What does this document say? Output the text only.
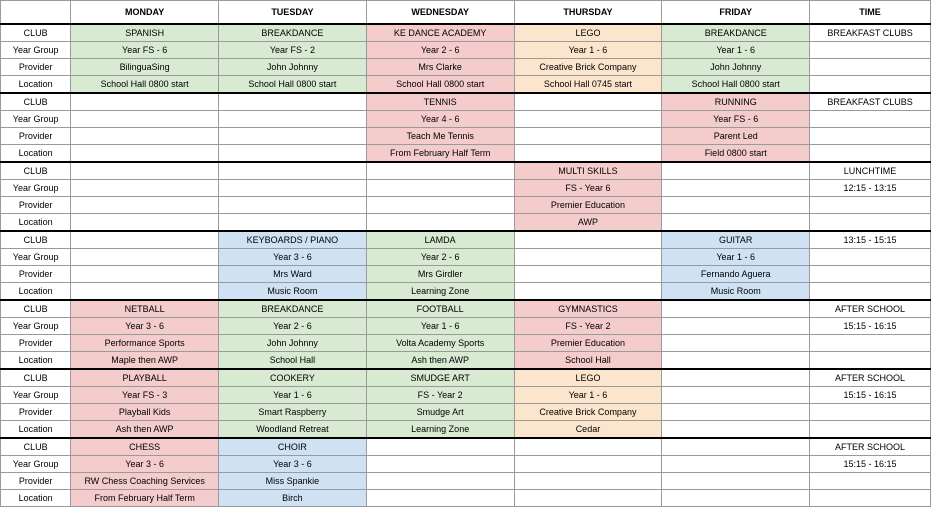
	MONDAY	TUESDAY	WEDNESDAY	THURSDAY	FRIDAY	TIME
CLUB	SPANISH	BREAKDANCE	KE DANCE ACADEMY	LEGO	BREAKDANCE	BREAKFAST CLUBS
Year Group	Year FS - 6	Year FS - 2	Year 2 - 6	Year 1 - 6	Year 1 - 6	
Provider	BilinguaSing	John Johnny	Mrs Clarke	Creative Brick Company	John Johnny	
Location	School Hall 0800 start	School Hall 0800 start	School Hall 0800 start	School Hall 0745 start	School Hall 0800 start	
CLUB			TENNIS		RUNNING	BREAKFAST CLUBS
Year Group			Year 4 - 6		Year FS - 6	
Provider			Teach Me Tennis		Parent Led	
Location			From February Half Term		Field 0800 start	
CLUB				MULTI SKILLS		LUNCHTIME
Year Group				FS - Year 6		12:15 - 13:15
Provider				Premier Education		
Location				AWP		
CLUB		KEYBOARDS / PIANO	LAMDA		GUITAR	13:15 - 15:15
Year Group		Year 3 - 6	Year 2 - 6		Year 1 - 6	
Provider		Mrs Ward	Mrs Girdler		Fernando Aguera	
Location		Music Room	Learning Zone		Music Room	
CLUB	NETBALL	BREAKDANCE	FOOTBALL	GYMNASTICS		AFTER SCHOOL
Year Group	Year 3 - 6	Year 2 - 6	Year 1 - 6	FS - Year 2		15:15 - 16:15
Provider	Performance Sports	John Johnny	Volta Academy Sports	Premier Education		
Location	Maple then AWP	School Hall	Ash then AWP	School Hall		
CLUB	PLAYBALL	COOKERY	SMUDGE ART	LEGO		AFTER SCHOOL
Year Group	Year FS - 3	Year 1 - 6	FS - Year 2	Year 1 - 6		15:15 - 16:15
Provider	Playball Kids	Smart Raspberry	Smudge Art	Creative Brick Company		
Location	Ash then AWP	Woodland Retreat	Learning Zone	Cedar		
CLUB	CHESS	CHOIR				AFTER SCHOOL
Year Group	Year 3 - 6	Year 3 - 6				15:15 - 16:15
Provider	RW Chess Coaching Services	Miss Spankie				
Location	From February Half Term	Birch				
